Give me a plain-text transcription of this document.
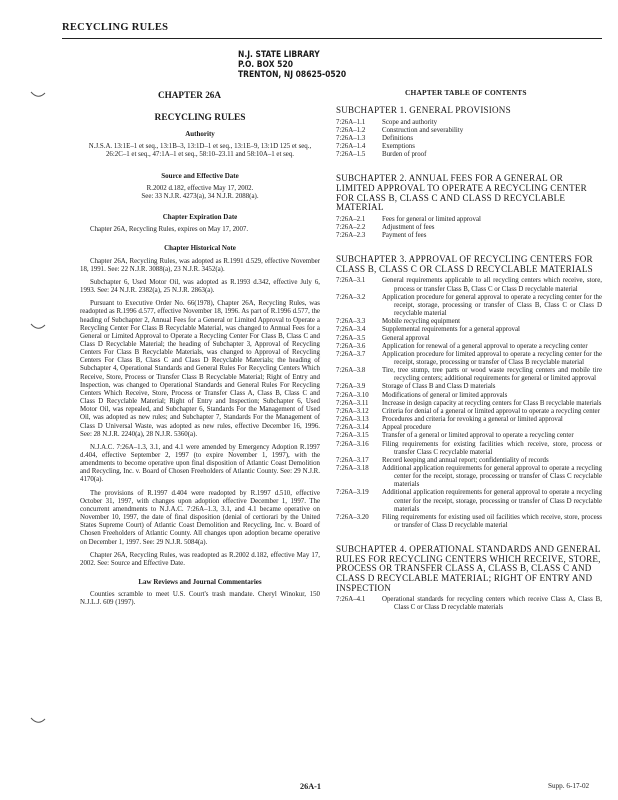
RECYCLING RULES
N.J. STATE LIBRARY
P.O. BOX 520
TRENTON, NJ 08625-0520
CHAPTER 26A	CHAPTER TABLE OF CONTENTS
RECYCLING RULES
Authority
N.J.S.A. 13:1E–1 et seq., 13:1B–3, 13:1D–1 et seq., 13:1E–9, 13:1D 125 et seq., 26:2C–1 et seq., 47:1A–1 et seq., 58:10–23.11 and 58:10A–1 et seq.
Source and Effective Date
R.2002 d.182, effective May 17, 2002.
See: 33 N.J.R. 4273(a), 34 N.J.R. 2088(a).
Chapter Expiration Date

Chapter 26A, Recycling Rules, expires on May 17, 2007.

Chapter Historical Note

Chapter 26A, Recycling Rules, was adopted as R.1991 d.529, effective November 18, 1991. See: 22 N.J.R. 3088(a), 23 N.J.R. 3452(a).

Subchapter 6, Used Motor Oil, was adopted as R.1993 d.342, effective July 6, 1993. See: 24 N.J.R. 2382(a), 25 N.J.R. 2863(a).

Pursuant to Executive Order No. 66(1978), Chapter 26A, Recycling Rules, was readopted as R.1996 d.577, effective November 18, 1996. As part of R.1996 d.577, the heading of Subchapter 2, Annual Fees for a General or Limited Approval to Operate a Recycling Center For Class B Recyclable Material, was changed to Annual Fees for a General or Limited Approval to Operate a Recycling Center For Class B, Class C and Class D Recyclable Material; the heading of Subchapter 3, Approval of Recycling Centers For Class B Recyclable Materials, was changed to Approval of Recycling Centers For Class B, Class C and Class D Recyclable Materials; the heading of Subchapter 4, Operational Standards and General Rules For Recycling Centers Which Receive, Store, Process or Transfer Class B Recyclable Material; Right of Entry and Inspection, was changed to Operational Standards and General Rules For Recycling Centers Which Receive, Store, Process or Transfer Class A, Class B, Class C and Class D Recyclable Material; Right of Entry and Inspection; Subchapter 6, Used Motor Oil, was repealed, and Subchapter 6, Standards For the Management of Used Oil, was adopted as new rules; and Subchapter 7, Standards For the Management of Class D Universal Waste, was adopted as new rules, effective December 16, 1996. See: 28 N.J.R. 2240(a), 28 N.J.R. 5360(a).

N.J.A.C. 7:26A–1.3, 3.1, and 4.1 were amended by Emergency Adoption R.1997 d.404, effective September 2, 1997 (to expire November 1, 1997), with the amendments to become operative upon final disposition of Atlantic Coast Demolition and Recycling, Inc. v. Board of Chosen Freeholders of Atlantic County. See: 29 N.J.R. 4170(a).

The provisions of R.1997 d.404 were readopted by R.1997 d.510, effective October 31, 1997, with changes upon adoption effective December 1, 1997. The concurrent amendments to N.J.A.C. 7:26A–1.3, 3.1, and 4.1 became operative on November 10, 1997, the date of final disposition (denial of certiorari by the United States Supreme Court) of Atlantic Coast Demolition and Recycling, Inc. v. Board of Chosen Freeholders of Atlantic County. All changes upon adoption became operative on December 1, 1997. See: 29 N.J.R. 5084(a).

Chapter 26A, Recycling Rules, was readopted as R.2002 d.182, effective May 17, 2002. See: Source and Effective Date.

Law Reviews and Journal Commentaries

Counties scramble to meet U.S. Court's trash mandate. Cheryl Winokur, 150 N.J.L.J. 609 (1997).

SUBCHAPTER 1. GENERAL PROVISIONS
7:26A–1.1	Scope and authority
7:26A–1.2	Construction and severability
7:26A–1.3	Definitions
7:26A–1.4	Exemptions
7:26A–1.5	Burden of proof
SUBCHAPTER 2. ANNUAL FEES FOR A GENERAL OR LIMITED APPROVAL TO OPERATE A RECYCLING CENTER FOR CLASS B, CLASS C AND CLASS D RECYCLABLE MATERIAL
7:26A–2.1	Fees for general or limited approval
7:26A–2.2	Adjustment of fees
7:26A–2.3	Payment of fees
SUBCHAPTER 3. APPROVAL OF RECYCLING CENTERS FOR CLASS B, CLASS C OR CLASS D RECYCLABLE MATERIALS
7:26A–3.1	General requirements applicable to all recycling centers which receive, store, process or transfer Class B, Class C or Class D recyclable material
7:26A–3.2	Application procedure for general approval to operate a recycling center for the receipt, storage, processing or transfer of Class B, Class C or Class D recyclable material
7:26A–3.3	Mobile recycling equipment
7:26A–3.4	Supplemental requirements for a general approval
7:26A–3.5	General approval
7:26A–3.6	Application for renewal of a general approval to operate a recycling center
7:26A–3.7	Application procedure for limited approval to operate a recycling center for the receipt, storage, processing or transfer of Class B recyclable material
7:26A–3.8	Tire, tree stump, tree parts or wood waste recycling centers and mobile tire recycling centers; additional requirements for general or limited approval
7:26A–3.9	Storage of Class B and Class D materials
7:26A–3.10	Modifications of general or limited approvals
7:26A–3.11	Increase in design capacity at recycling centers for Class B recyclable materials
7:26A–3.12	Criteria for denial of a general or limited approval to operate a recycling center
7:26A–3.13	Procedures and criteria for revoking a general or limited approval
7:26A–3.14	Appeal procedure
7:26A–3.15	Transfer of a general or limited approval to operate a recycling center
7:26A–3.16	Filing requirements for existing facilities which receive, store, process or transfer Class C recyclable material
7:26A–3.17	Record keeping and annual report; confidentiality of records
7:26A–3.18	Additional application requirements for general approval to operate a recycling center for the receipt, storage, processing or transfer of Class C recyclable materials
7:26A–3.19	Additional application requirements for general approval to operate a recycling center for the receipt, storage, processing or transfer of Class D recyclable materials
7:26A–3.20	Filing requirements for existing used oil facilities which receive, store, process or transfer of Class D recyclable material
SUBCHAPTER 4. OPERATIONAL STANDARDS AND GENERAL RULES FOR RECYCLING CENTERS WHICH RECEIVE, STORE, PROCESS OR TRANSFER CLASS A, CLASS B, CLASS C AND CLASS D RECYCLABLE MATERIAL; RIGHT OF ENTRY AND INSPECTION
7:26A–4.1	Operational standards for recycling centers which receive Class A, Class B, Class C or Class D recyclable materials
26A-1	Supp. 6-17-02
